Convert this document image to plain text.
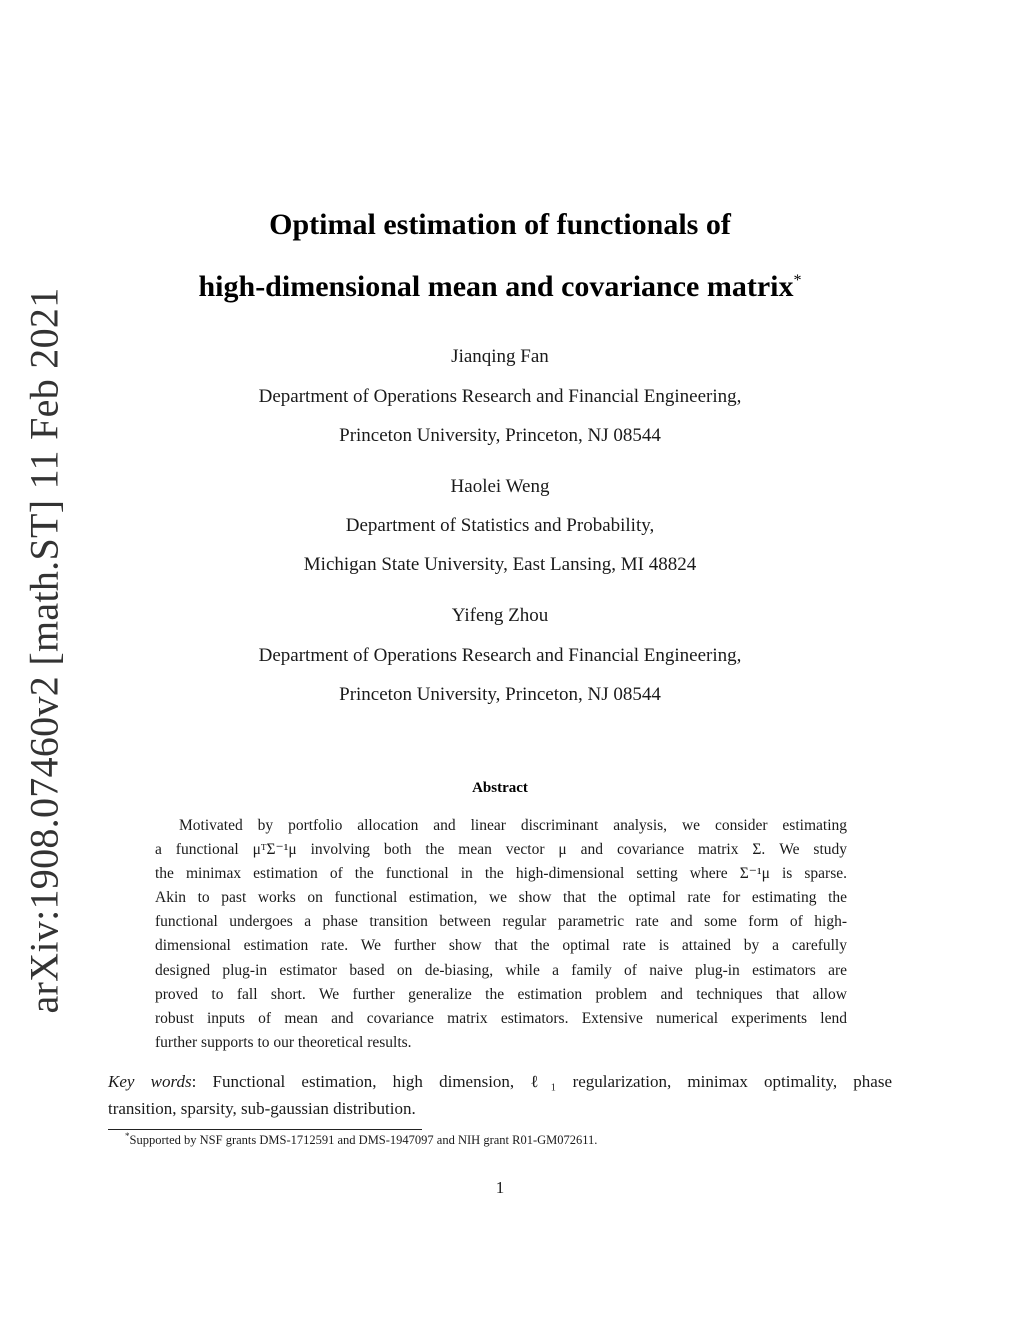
arXiv:1908.07460v2 [math.ST] 11 Feb 2021
Optimal estimation of functionals of
high-dimensional mean and covariance matrix*
Jianqing Fan
Department of Operations Research and Financial Engineering,
Princeton University, Princeton, NJ 08544
Haolei Weng
Department of Statistics and Probability,
Michigan State University, East Lansing, MI 48824
Yifeng Zhou
Department of Operations Research and Financial Engineering,
Princeton University, Princeton, NJ 08544
Abstract
Motivated by portfolio allocation and linear discriminant analysis, we consider estimating
a functional μᵀΣ⁻¹μ involving both the mean vector μ and covariance matrix Σ. We study
the minimax estimation of the functional in the high-dimensional setting where Σ⁻¹μ is sparse.
Akin to past works on functional estimation, we show that the optimal rate for estimating the
functional undergoes a phase transition between regular parametric rate and some form of high-
dimensional estimation rate. We further show that the optimal rate is attained by a carefully
designed plug-in estimator based on de-biasing, while a family of naive plug-in estimators are
proved to fall short. We further generalize the estimation problem and techniques that allow
robust inputs of mean and covariance matrix estimators. Extensive numerical experiments lend
further supports to our theoretical results.
Key words: Functional estimation, high dimension, ℓ₁ regularization, minimax optimality, phase
transition, sparsity, sub-gaussian distribution.
*Supported by NSF grants DMS-1712591 and DMS-1947097 and NIH grant R01-GM072611.
1
